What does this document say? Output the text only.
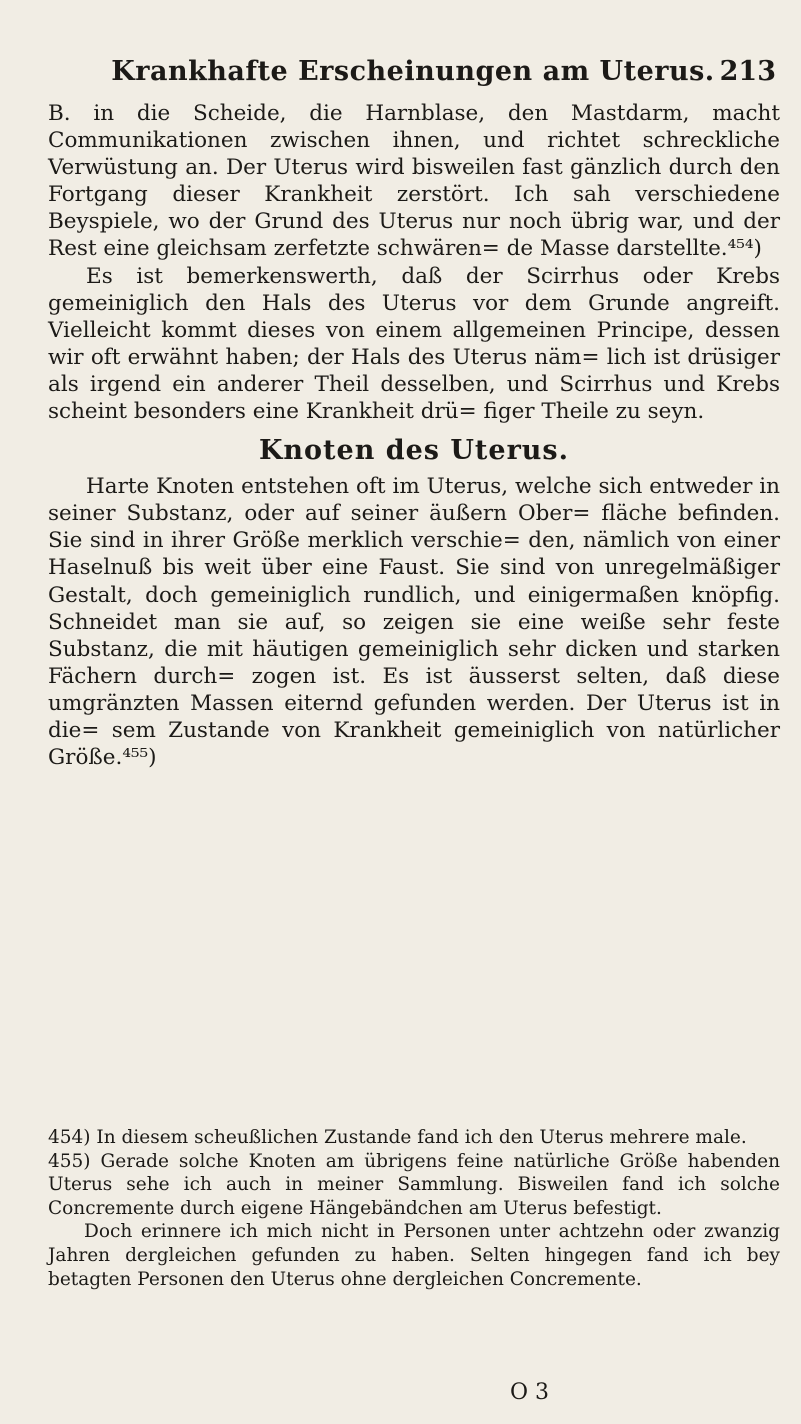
Krankhafte Erscheinungen am Uterus. 213

B. in die Scheide, die Harnblase, den Mastdarm, macht Communikationen zwischen ihnen, und richtet schreckliche Verwüstung an. Der Uterus wird bisweilen fast gänzlich durch den Fortgang dieser Krankheit zerstört. Ich sah verschiedene Beyspiele, wo der Grund des Uterus nur noch übrig war, und der Rest eine gleichsam zerfetzte schwären= de Masse darstellte.⁴⁵⁴)

Es ist bemerkenswerth, daß der Scirrhus oder Krebs gemeiniglich den Hals des Uterus vor dem Grunde angreift. Vielleicht kommt dieses von einem allgemeinen Principe, dessen wir oft erwähnt haben; der Hals des Uterus näm= lich ist drüsiger als irgend ein anderer Theil desselben, und Scirrhus und Krebs scheint besonders eine Krankheit drü= figer Theile zu seyn.

Knoten des Uterus.

Harte Knoten entstehen oft im Uterus, welche sich entweder in seiner Substanz, oder auf seiner äußern Ober= fläche befinden. Sie sind in ihrer Größe merklich verschie= den, nämlich von einer Haselnuß bis weit über eine Faust. Sie sind von unregelmäßiger Gestalt, doch gemeiniglich rundlich, und einigermaßen knöpfig. Schneidet man sie auf, so zeigen sie eine weiße sehr feste Substanz, die mit häutigen gemeiniglich sehr dicken und starken Fächern durch= zogen ist. Es ist äusserst selten, daß diese umgränzten Massen eiternd gefunden werden. Der Uterus ist in die= sem Zustande von Krankheit gemeiniglich von natürlicher Größe.⁴⁵⁵)

454) In diesem scheußlichen Zustande fand ich den Uterus mehrere male.

455) Gerade solche Knoten am übrigens feine natürliche Größe habenden Uterus sehe ich auch in meiner Sammlung. Bisweilen fand ich solche Concremente durch eigene Hängebändchen am Uterus befestigt.

Doch erinnere ich mich nicht in Personen unter achtzehn oder zwanzig Jahren dergleichen gefunden zu haben. Selten hingegen fand ich bey betagten Personen den Uterus ohne dergleichen Concremente.

O 3
